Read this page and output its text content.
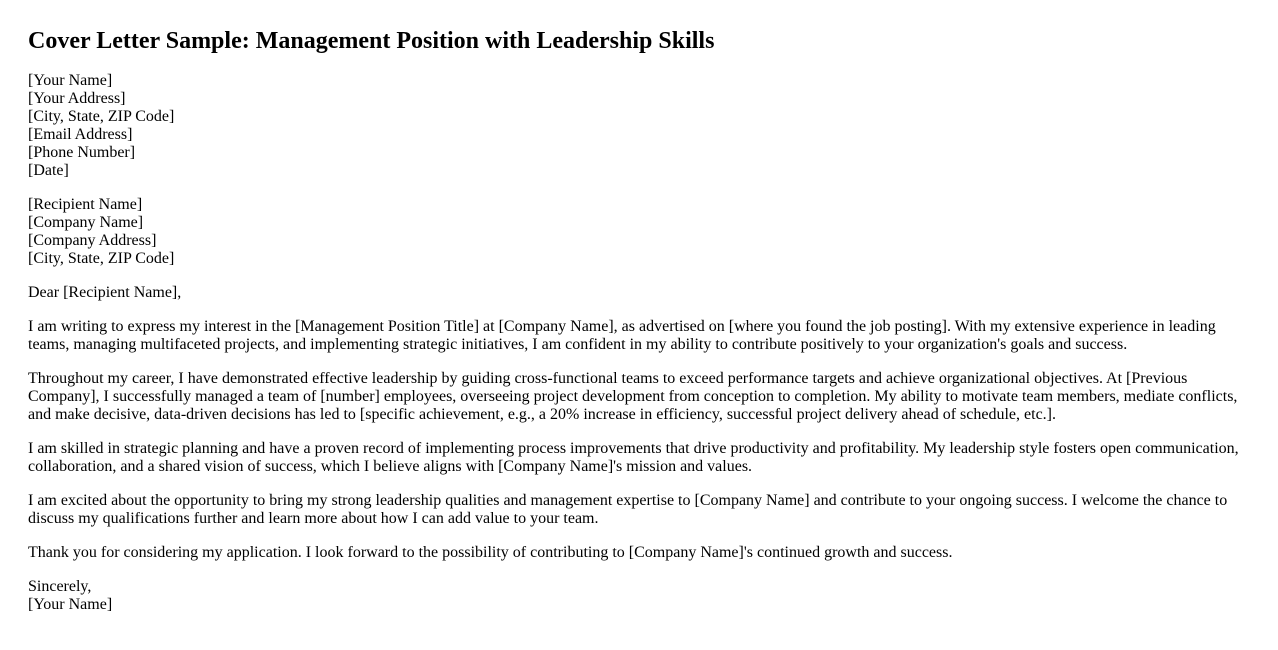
Cover Letter Sample: Management Position with Leadership Skills
[Your Name]
[Your Address]
[City, State, ZIP Code]
[Email Address]
[Phone Number]
[Date]
[Recipient Name]
[Company Name]
[Company Address]
[City, State, ZIP Code]

Dear [Recipient Name],

I am writing to express my interest in the [Management Position Title] at [Company Name], as advertised on [where you found the job posting]. With my extensive experience in leading teams, managing multifaceted projects, and implementing strategic initiatives, I am confident in my ability to contribute positively to your organization's goals and success.

Throughout my career, I have demonstrated effective leadership by guiding cross-functional teams to exceed performance targets and achieve organizational objectives. At [Previous Company], I successfully managed a team of [number] employees, overseeing project development from conception to completion. My ability to motivate team members, mediate conflicts, and make decisive, data-driven decisions has led to [specific achievement, e.g., a 20% increase in efficiency, successful project delivery ahead of schedule, etc.].

I am skilled in strategic planning and have a proven record of implementing process improvements that drive productivity and profitability. My leadership style fosters open communication, collaboration, and a shared vision of success, which I believe aligns with [Company Name]'s mission and values.

I am excited about the opportunity to bring my strong leadership qualities and management expertise to [Company Name] and contribute to your ongoing success. I welcome the chance to discuss my qualifications further and learn more about how I can add value to your team.

Thank you for considering my application. I look forward to the possibility of contributing to [Company Name]'s continued growth and success.

Sincerely,
[Your Name]
